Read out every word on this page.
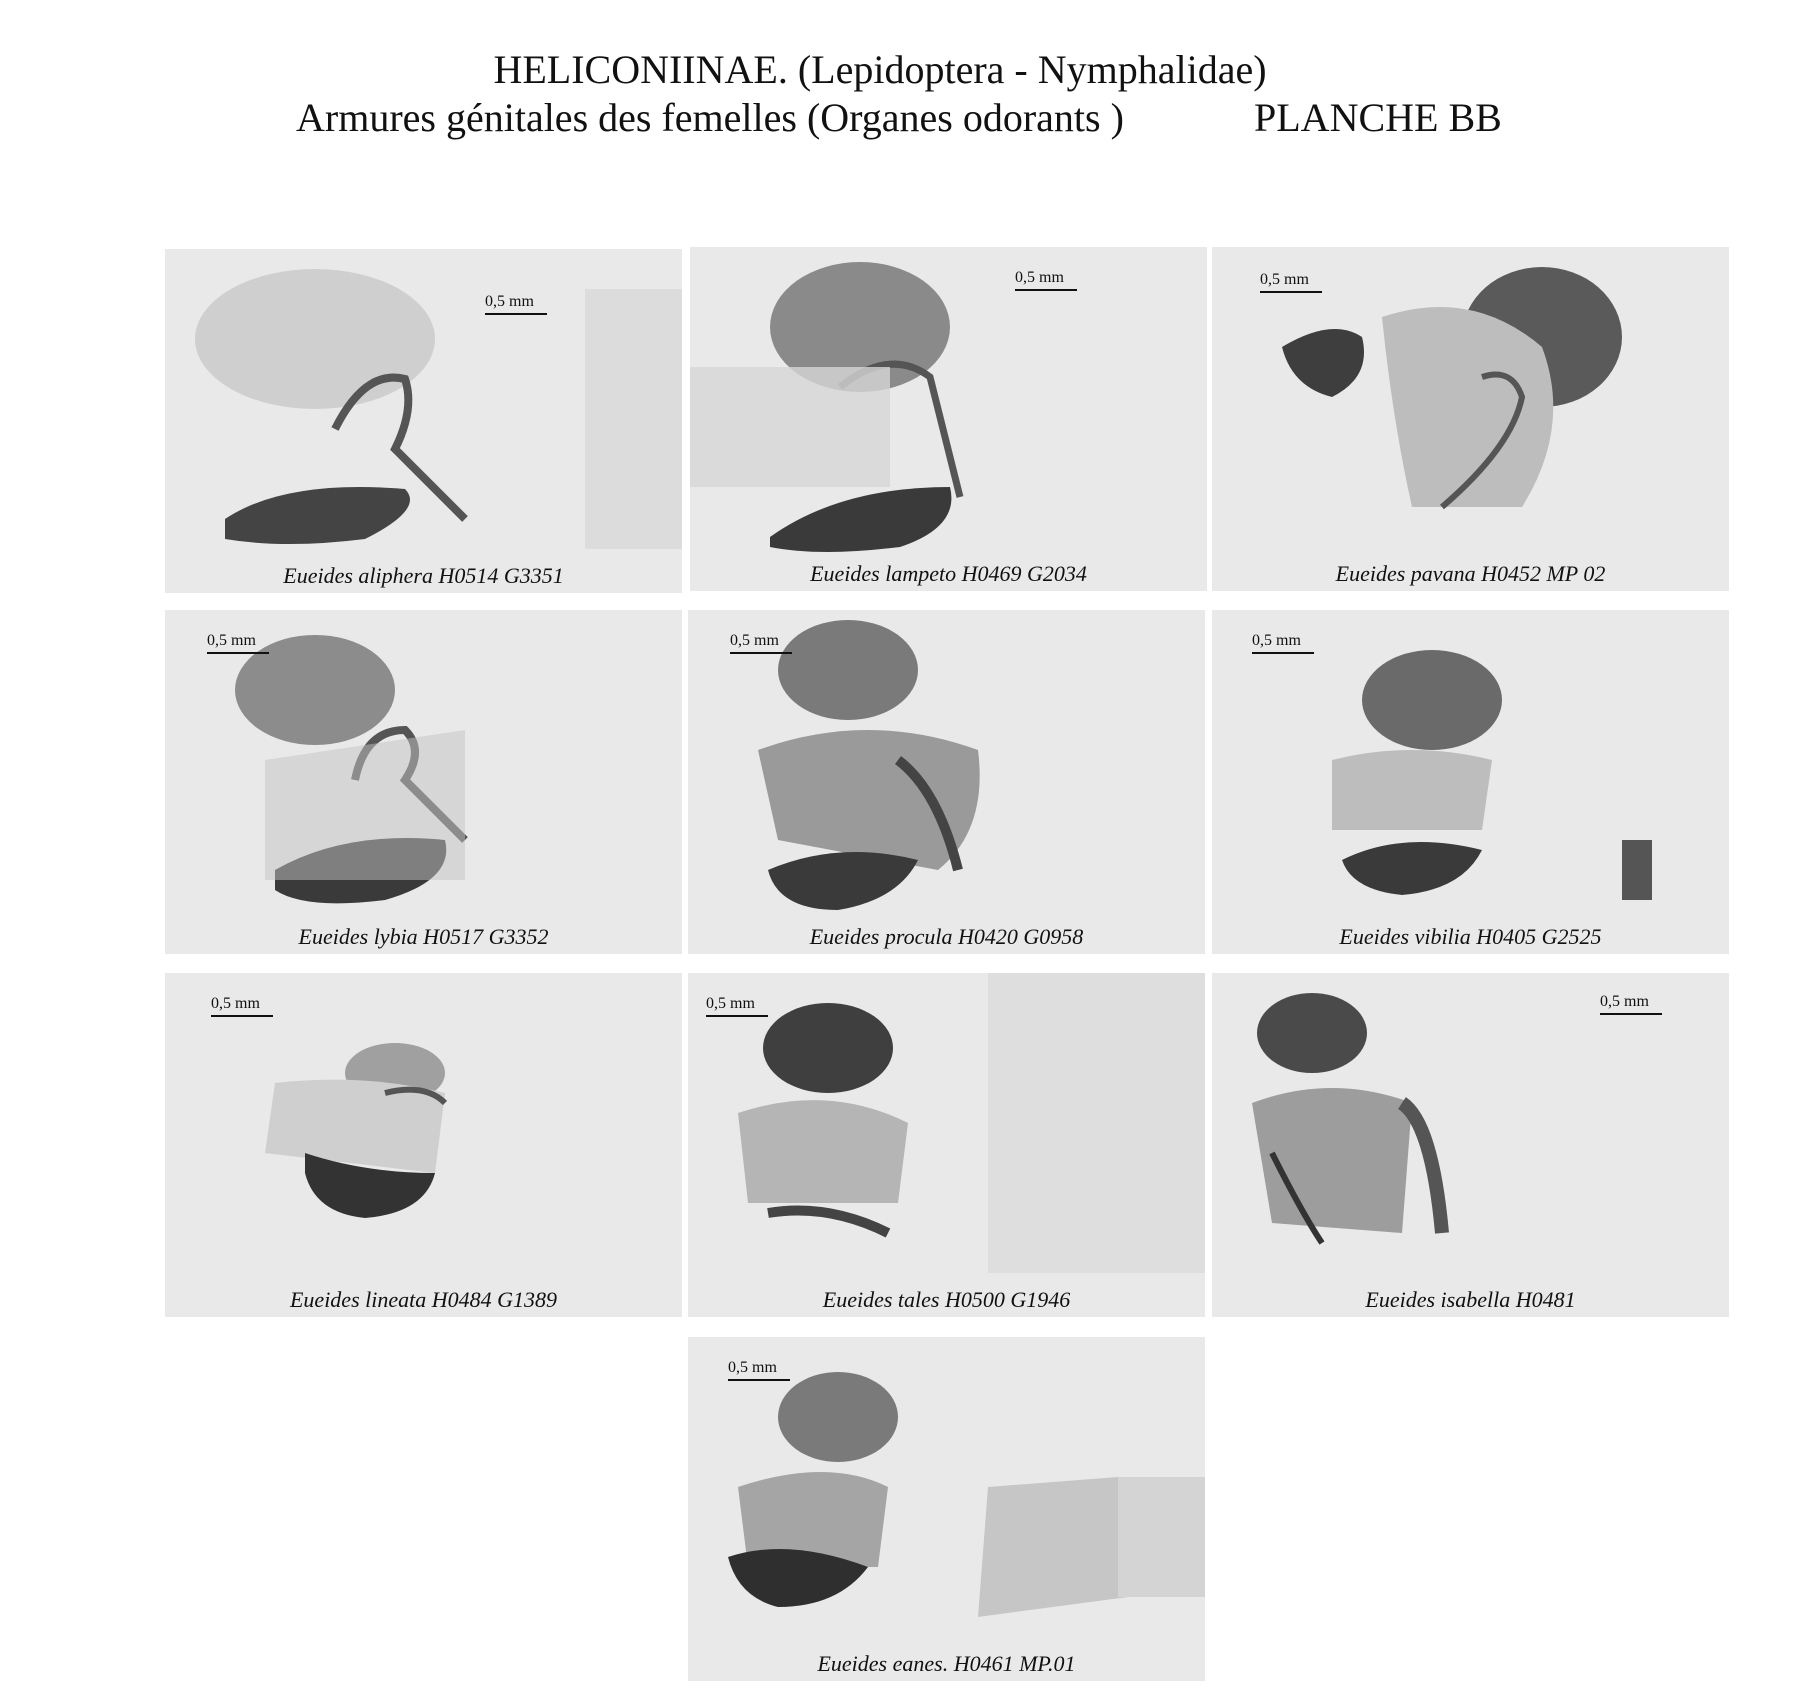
HELICONIINAE. (Lepidoptera - Nymphalidae)
Armures génitales des femelles (Organes odorants )	PLANCHE BB
0,5 mm
Eueides aliphera H0514 G3351
0,5 mm
Eueides lampeto H0469 G2034
0,5 mm
Eueides pavana H0452 MP 02
0,5 mm
Eueides lybia H0517 G3352
0,5 mm
Eueides procula H0420 G0958
0,5 mm
Eueides vibilia H0405 G2525
0,5 mm
Eueides lineata H0484 G1389
0,5 mm
Eueides tales H0500 G1946
0,5 mm
Eueides isabella H0481
0,5 mm
Eueides eanes. H0461 MP.01
